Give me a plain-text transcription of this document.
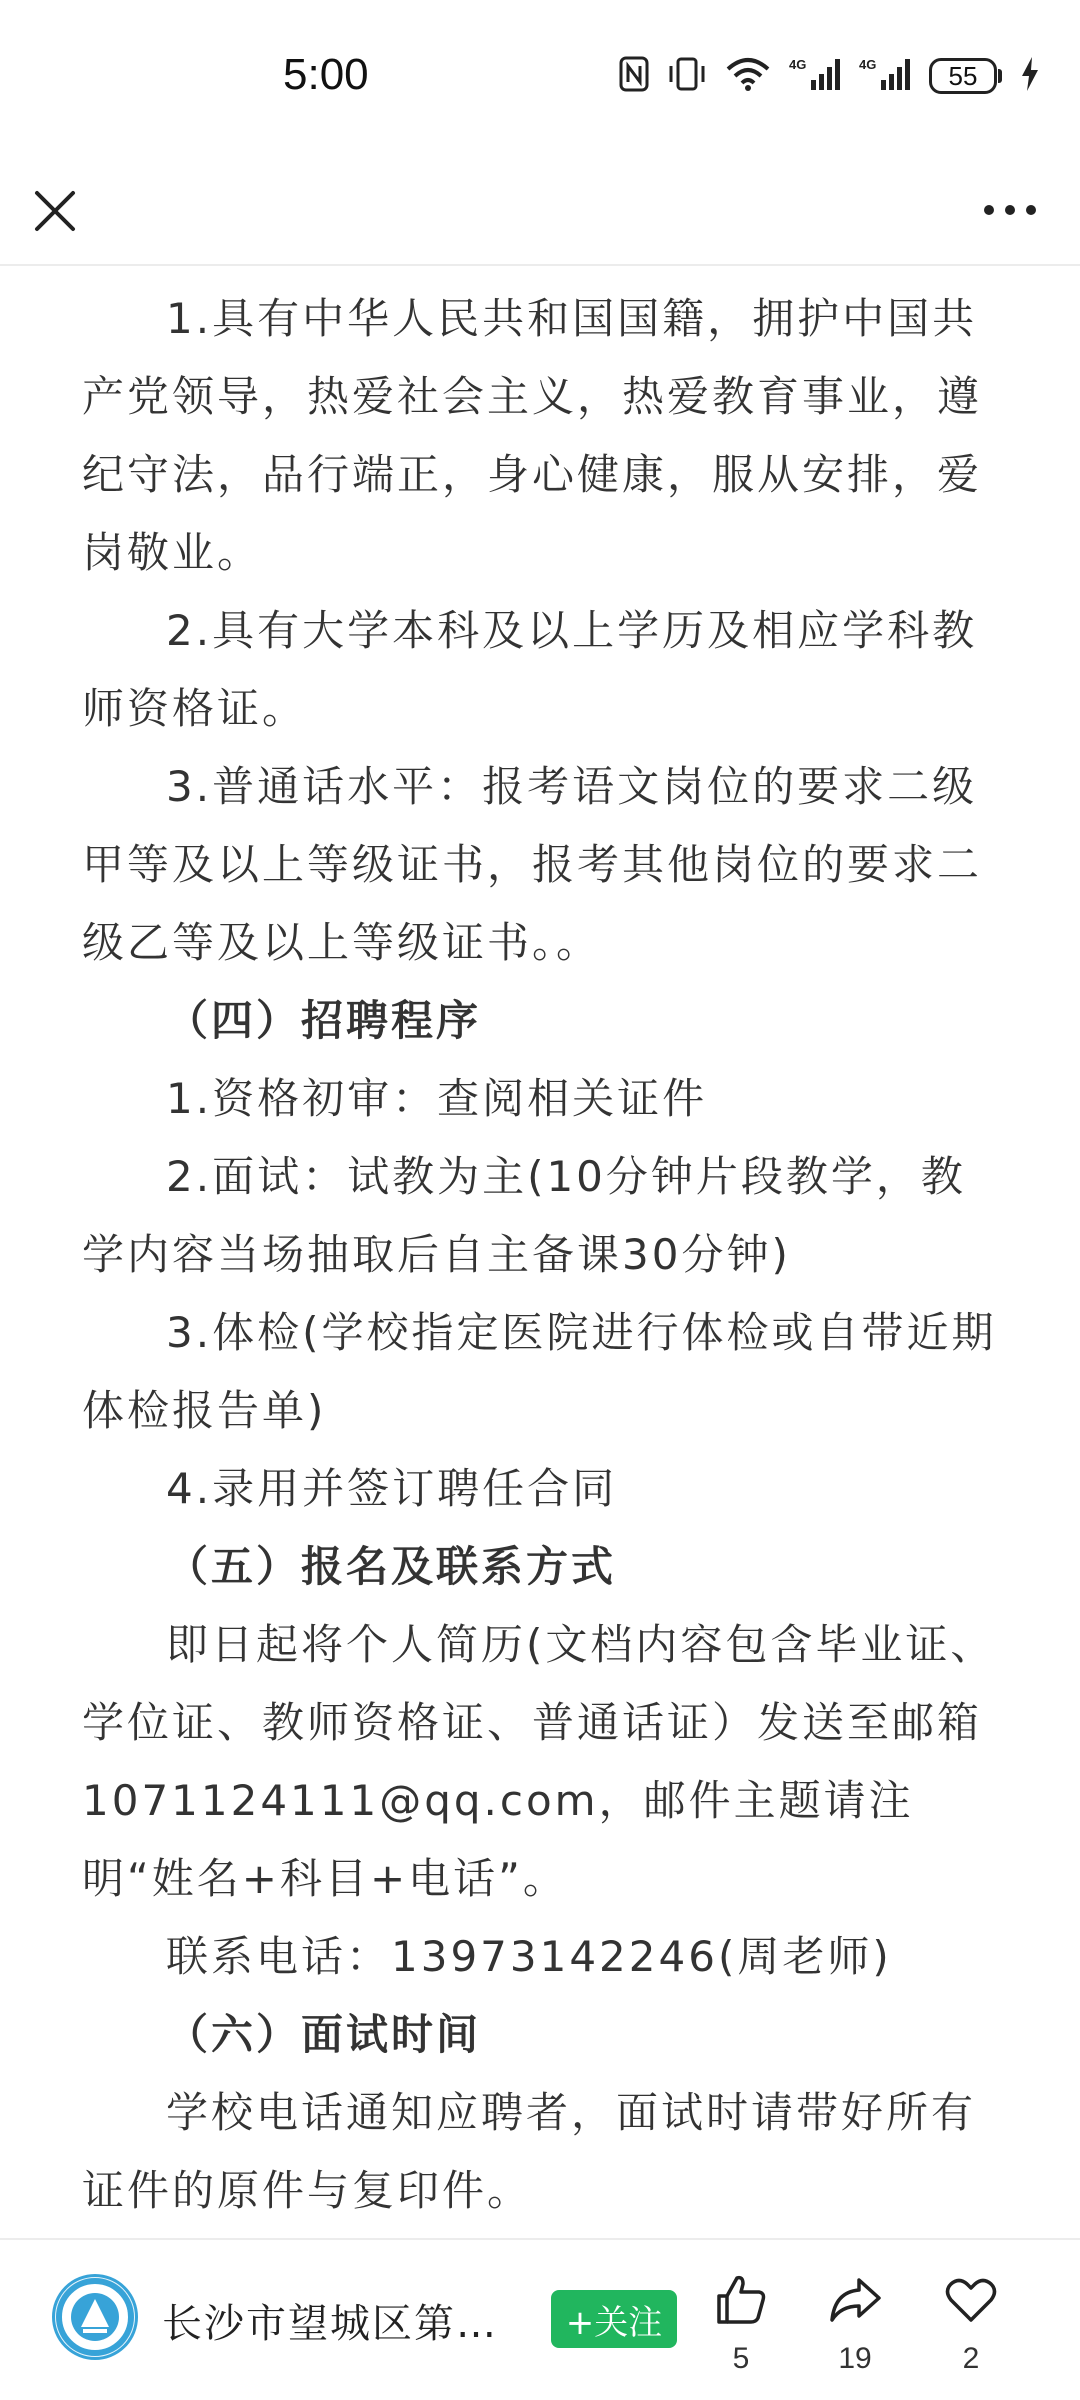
5:00	4G	4G	55

1.具有中华人民共和国国籍，拥护中国共产党领导，热爱社会主义，热爱教育事业，遵纪守法，品行端正，身心健康，服从安排，爱岗敬业。

2.具有大学本科及以上学历及相应学科教师资格证。

3.普通话水平：报考语文岗位的要求二级甲等及以上等级证书，报考其他岗位的要求二级乙等及以上等级证书。。

（四）招聘程序

1.资格初审：查阅相关证件

2.面试：试教为主(10分钟片段教学，教学内容当场抽取后自主备课30分钟)

3.体检(学校指定医院进行体检或自带近期体检报告单)

4.录用并签订聘任合同

（五）报名及联系方式

即日起将个人简历(文档内容包含毕业证、学位证、教师资格证、普通话证）发送至邮箱1071124111@qq.com，邮件主题请注明“姓名+科目+电话”。

联系电话：13973142246(周老师)

（六）面试时间

学校电话通知应聘者，面试时请带好所有证件的原件与复印件。

长沙市望城区第…	+关注
5	19	2
